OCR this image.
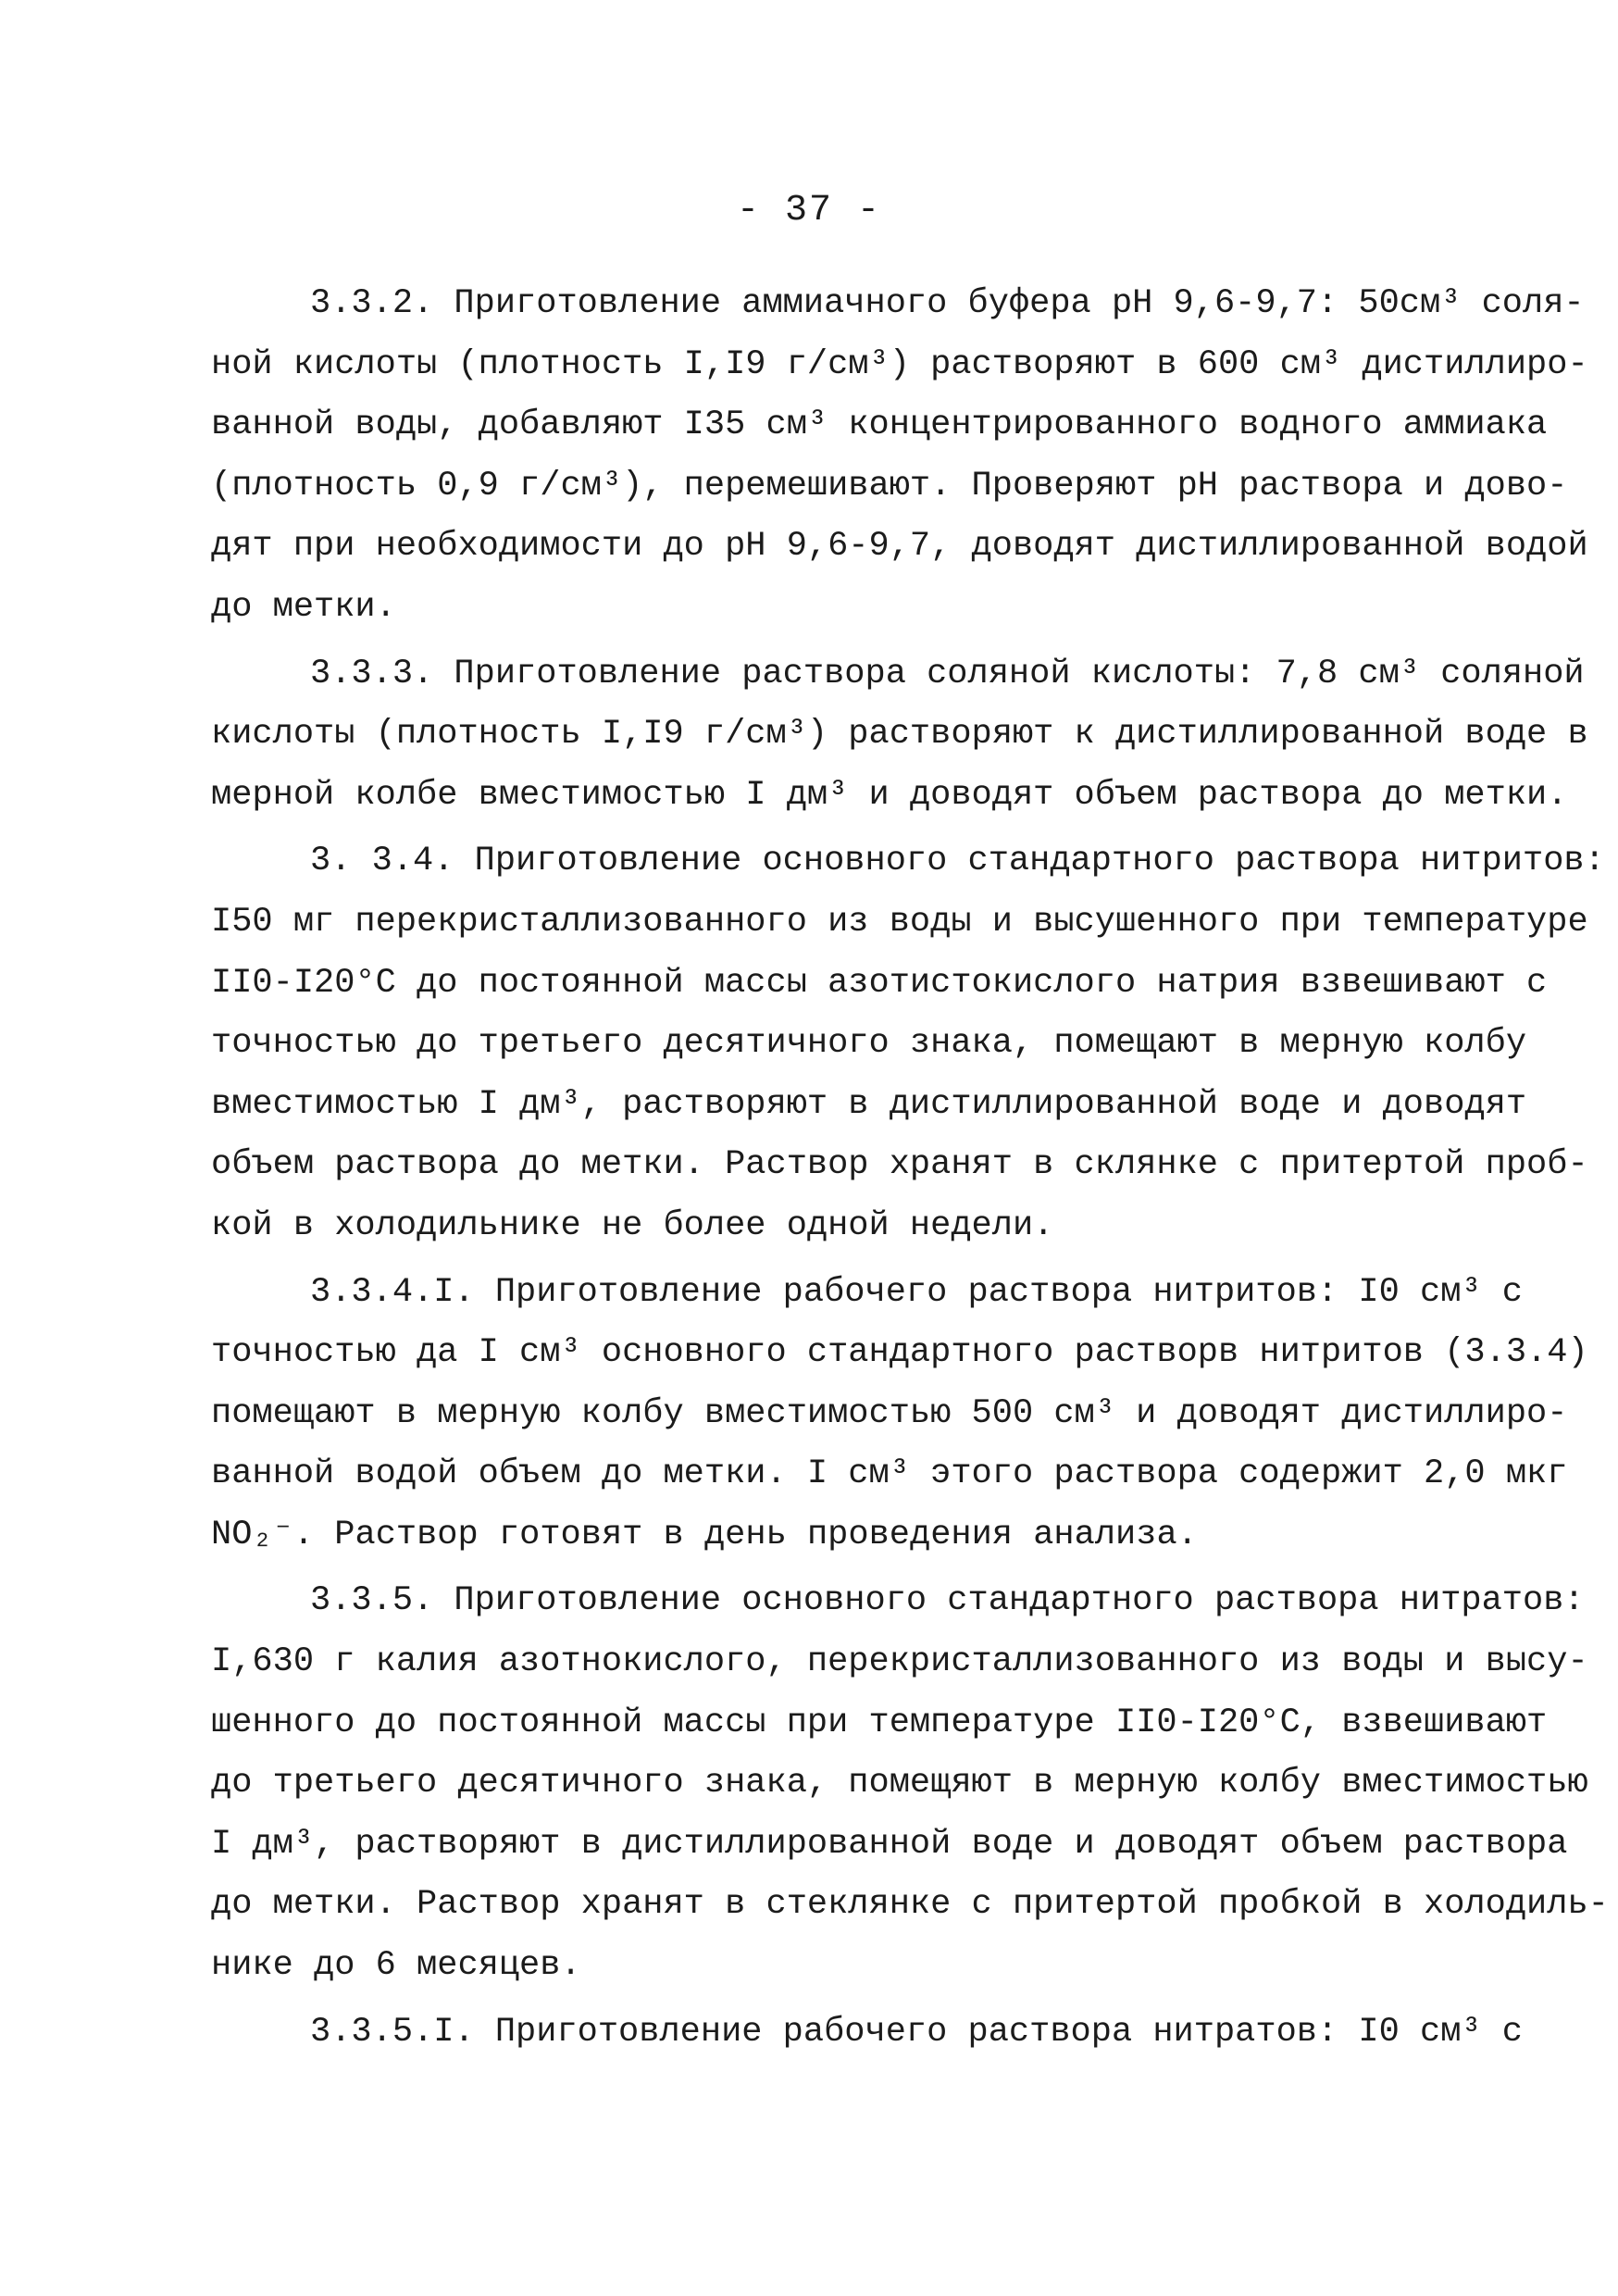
- 37 -
3.3.2. Приготовление аммиачного буфера рН 9,6-9,7: 50см³ соля-
ной кислоты (плотность I,I9 г/см³) растворяют в 600 см³ дистиллиро-
ванной воды, добавляют I35 см³ концентрированного водного аммиака
(плотность 0,9 г/см³), перемешивают. Проверяют рН раствора и дово-
дят при необходимости до рН 9,6-9,7, доводят дистиллированной водой
до метки.
3.3.3. Приготовление раствора соляной кислоты: 7,8 см³ соляной
кислоты (плотность I,I9 г/см³) растворяют к дистиллированной воде в
мерной колбе вместимостью I дм³ и доводят объем раствора до метки.
3. 3.4. Приготовление основного стандартного раствора нитритов:
I50 мг перекристаллизованного из воды и высушенного при температуре
II0-I20°С до постоянной массы азотистокислого натрия взвешивают с
точностью до третьего десятичного знака, помещают в мерную колбу
вместимостью I дм³, растворяют в дистиллированной воде и доводят
объем раствора до метки. Раствор хранят в склянке с притертой проб-
кой в холодильнике не более одной недели.
3.3.4.I. Приготовление рабочего раствора нитритов: I0 см³ с
точностью да I см³ основного стандартного растворв нитритов (3.3.4)
помещают в мерную колбу вместимостью 500 см³ и доводят дистиллиро-
ванной водой объем до метки. I см³ этого раствора содержит 2,0 мкг
NO₂⁻. Раствор готовят в день проведения анализа.
3.3.5. Приготовление основного стандартного раствора нитратов:
I,630 г калия азотнокислого, перекристаллизованного из воды и высу-
шенного до постоянной массы при температуре II0-I20°С, взвешивают
до третьего десятичного знака, помещяют в мерную колбу вместимостью
I дм³, растворяют в дистиллированной воде и доводят объем раствора
до метки. Раствор хранят в стеклянке с притертой пробкой в холодиль-
нике до 6 месяцев.
3.3.5.I. Приготовление рабочего раствора нитратов: I0 см³ с
